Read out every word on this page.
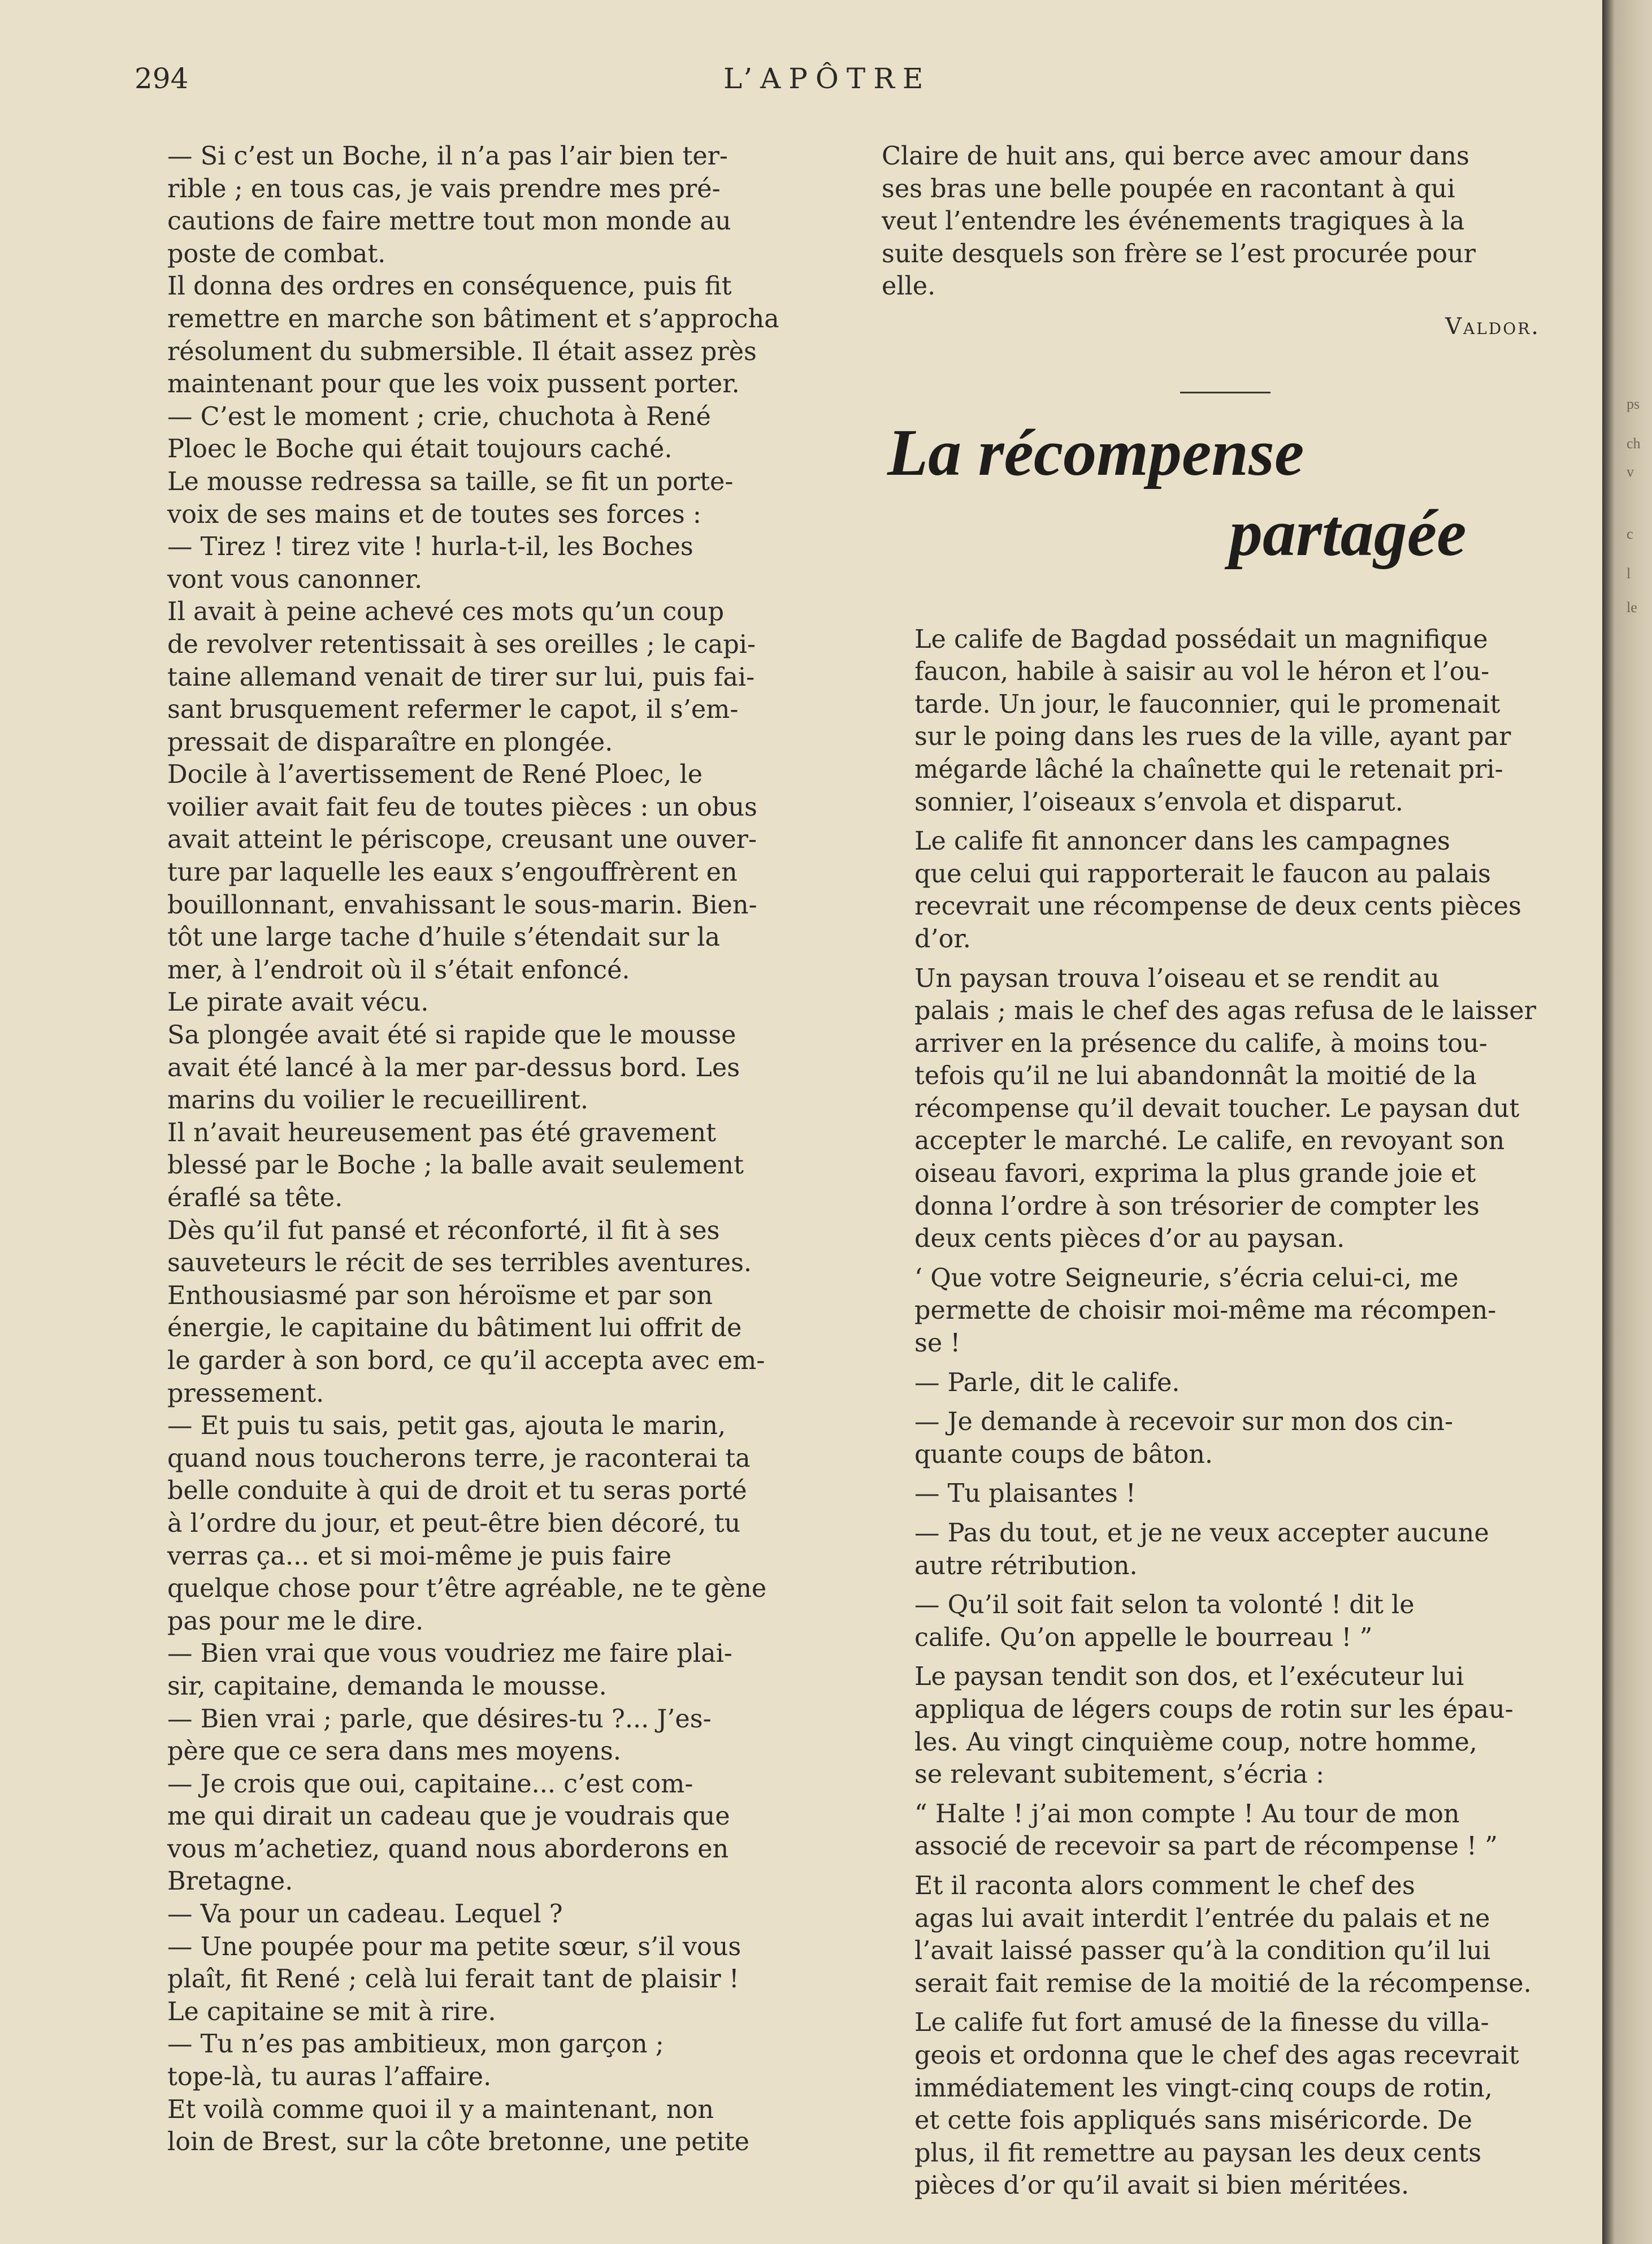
ps
ch
v
c
l
le
294	L’APÔTRE

— Si c’est un Boche, il n’a pas l’air bien ter-
rible ; en tous cas, je vais prendre mes pré-
cautions de faire mettre tout mon monde au
poste de combat.

Il donna des ordres en conséquence, puis fit
remettre en marche son bâtiment et s’approcha
résolument du submersible. Il était assez près
maintenant pour que les voix pussent porter.

— C’est le moment ; crie, chuchota à René
Ploec le Boche qui était toujours caché.

Le mousse redressa sa taille, se fit un porte-
voix de ses mains et de toutes ses forces :

— Tirez ! tirez vite ! hurla-t-il, les Boches
vont vous canonner.

Il avait à peine achevé ces mots qu’un coup
de revolver retentissait à ses oreilles ; le capi-
taine allemand venait de tirer sur lui, puis fai-
sant brusquement refermer le capot, il s’em-
pressait de disparaître en plongée.

Docile à l’avertissement de René Ploec, le
voilier avait fait feu de toutes pièces : un obus
avait atteint le périscope, creusant une ouver-
ture par laquelle les eaux s’engouffrèrent en
bouillonnant, envahissant le sous-marin. Bien-
tôt une large tache d’huile s’étendait sur la
mer, à l’endroit où il s’était enfoncé.

Le pirate avait vécu.

Sa plongée avait été si rapide que le mousse
avait été lancé à la mer par-dessus bord. Les
marins du voilier le recueillirent.

Il n’avait heureusement pas été gravement
blessé par le Boche ; la balle avait seulement
éraflé sa tête.

Dès qu’il fut pansé et réconforté, il fit à ses
sauveteurs le récit de ses terribles aventures.

Enthousiasmé par son héroïsme et par son
énergie, le capitaine du bâtiment lui offrit de
le garder à son bord, ce qu’il accepta avec em-
pressement.

— Et puis tu sais, petit gas, ajouta le marin,
quand nous toucherons terre, je raconterai ta
belle conduite à qui de droit et tu seras porté
à l’ordre du jour, et peut-être bien décoré, tu
verras ça... et si moi-même je puis faire
quelque chose pour t’être agréable, ne te gène
pas pour me le dire.

— Bien vrai que vous voudriez me faire plai-
sir, capitaine, demanda le mousse.

— Bien vrai ; parle, que désires-tu ?... J’es-
père que ce sera dans mes moyens.

— Je crois que oui, capitaine... c’est com-
me qui dirait un cadeau que je voudrais que
vous m’achetiez, quand nous aborderons en
Bretagne.

— Va pour un cadeau. Lequel ?

— Une poupée pour ma petite sœur, s’il vous
plaît, fit René ; celà lui ferait tant de plaisir !

Le capitaine se mit à rire.

— Tu n’es pas ambitieux, mon garçon ;
tope-là, tu auras l’affaire.

Et voilà comme quoi il y a maintenant, non
loin de Brest, sur la côte bretonne, une petite

Claire de huit ans, qui berce avec amour dans
ses bras une belle poupée en racontant à qui
veut l’entendre les événements tragiques à la
suite desquels son frère se l’est procurée pour
elle.

Valdor.
La récompense
partagée

Le calife de Bagdad possédait un magnifique
faucon, habile à saisir au vol le héron et l’ou-
tarde. Un jour, le fauconnier, qui le promenait
sur le poing dans les rues de la ville, ayant par
mégarde lâché la chaînette qui le retenait pri-
sonnier, l’oiseaux s’envola et disparut.

Le calife fit annoncer dans les campagnes
que celui qui rapporterait le faucon au palais
recevrait une récompense de deux cents pièces
d’or.

Un paysan trouva l’oiseau et se rendit au
palais ; mais le chef des agas refusa de le laisser
arriver en la présence du calife, à moins tou-
tefois qu’il ne lui abandonnât la moitié de la
récompense qu’il devait toucher. Le paysan dut
accepter le marché. Le calife, en revoyant son
oiseau favori, exprima la plus grande joie et
donna l’ordre à son trésorier de compter les
deux cents pièces d’or au paysan.

‘ Que votre Seigneurie, s’écria celui-ci, me
permette de choisir moi-même ma récompen-
se !

— Parle, dit le calife.

— Je demande à recevoir sur mon dos cin-
quante coups de bâton.

— Tu plaisantes !

— Pas du tout, et je ne veux accepter aucune
autre rétribution.

— Qu’il soit fait selon ta volonté ! dit le
calife. Qu’on appelle le bourreau ! ”

Le paysan tendit son dos, et l’exécuteur lui
appliqua de légers coups de rotin sur les épau-
les. Au vingt cinquième coup, notre homme,
se relevant subitement, s’écria :

“ Halte ! j’ai mon compte ! Au tour de mon
associé de recevoir sa part de récompense ! ”

Et il raconta alors comment le chef des
agas lui avait interdit l’entrée du palais et ne
l’avait laissé passer qu’à la condition qu’il lui
serait fait remise de la moitié de la récompense.

Le calife fut fort amusé de la finesse du villa-
geois et ordonna que le chef des agas recevrait
immédiatement les vingt-cinq coups de rotin,
et cette fois appliqués sans miséricorde. De
plus, il fit remettre au paysan les deux cents
pièces d’or qu’il avait si bien méritées.
